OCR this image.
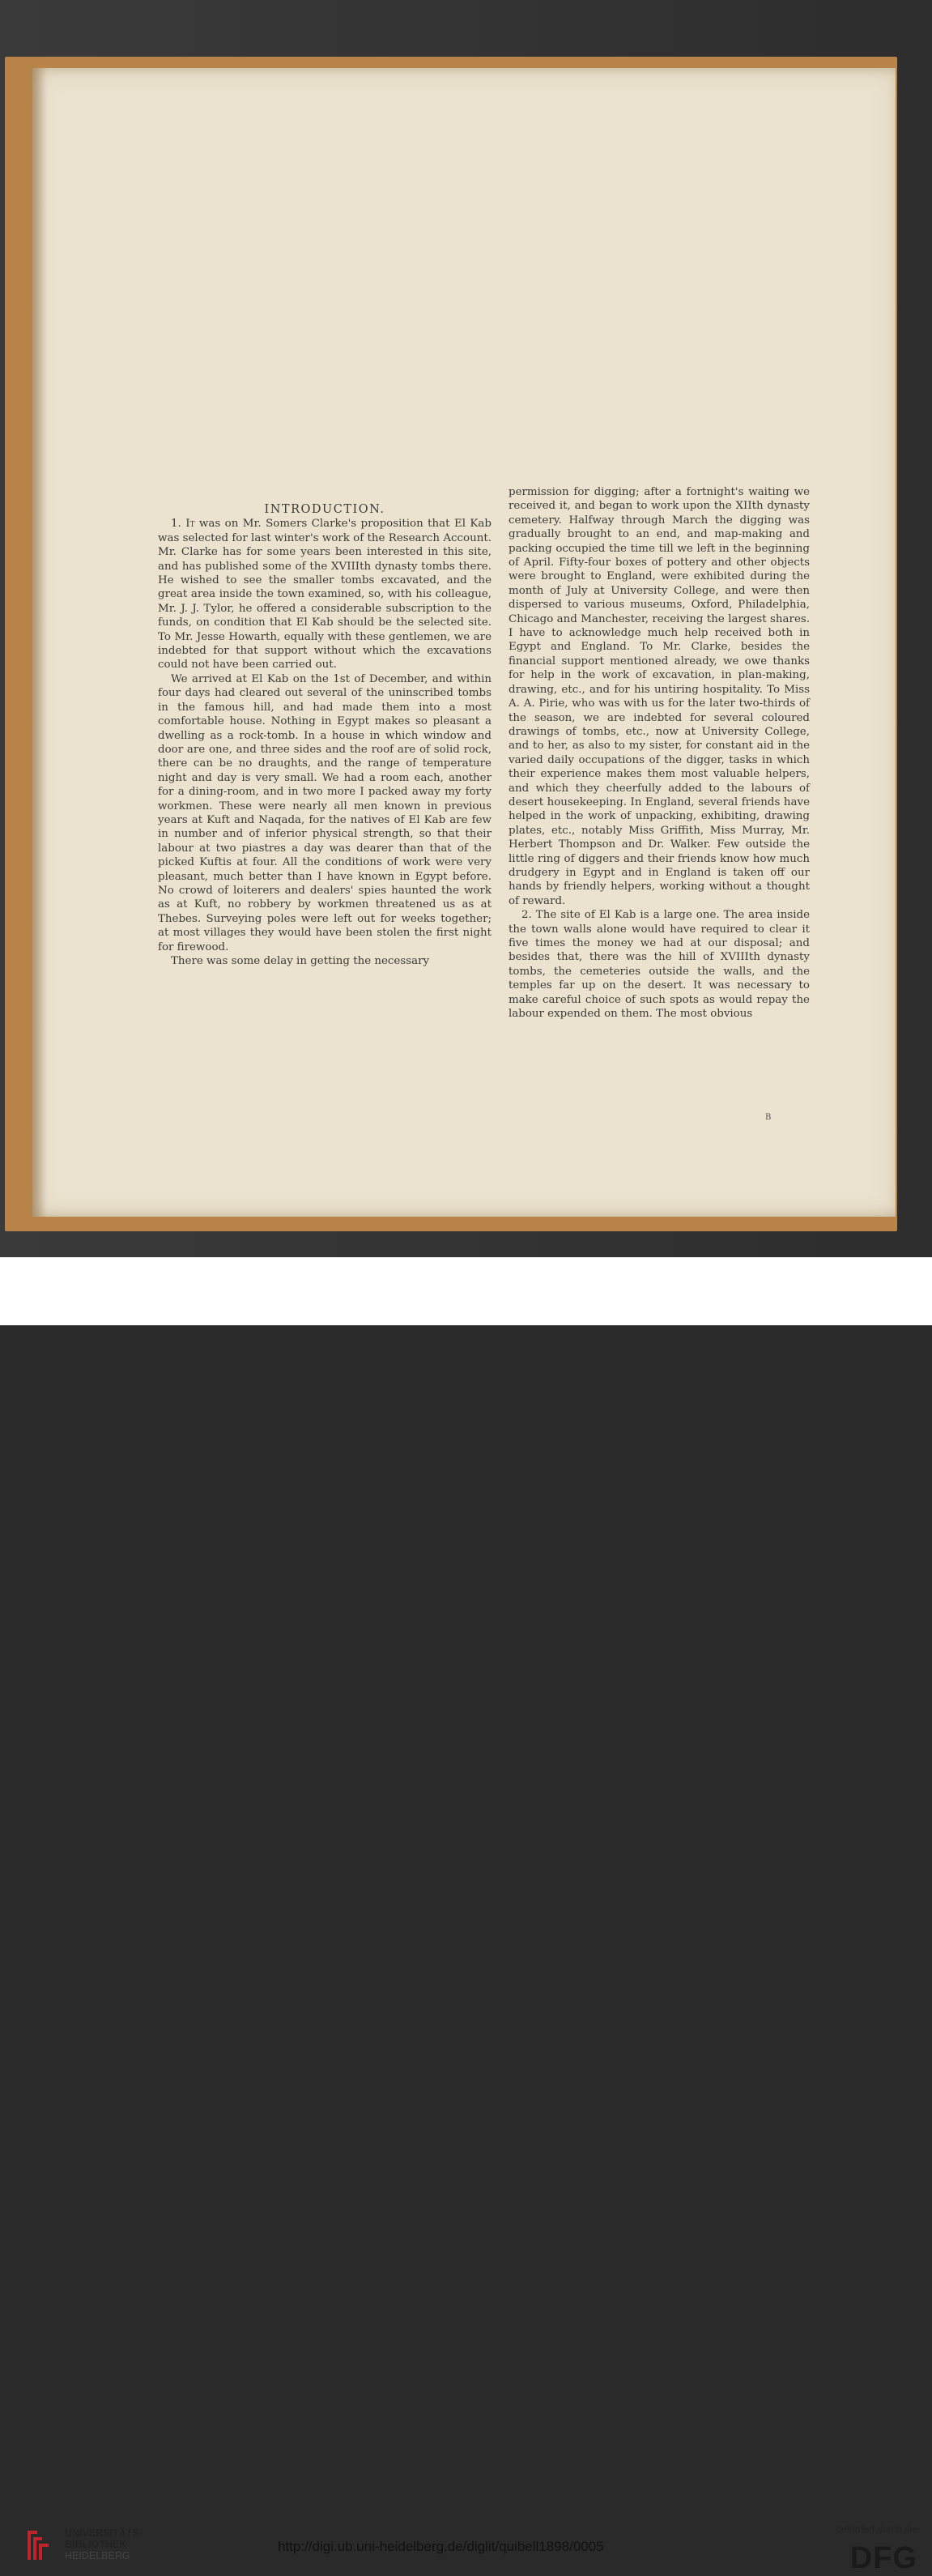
INTRODUCTION.

1. It was on Mr. Somers Clarke's proposition that El Kab was selected for last winter's work of the Research Account. Mr. Clarke has for some years been interested in this site, and has published some of the XVIIIth dynasty tombs there. He wished to see the smaller tombs excavated, and the great area inside the town examined, so, with his colleague, Mr. J. J. Tylor, he offered a considerable subscription to the funds, on condition that El Kab should be the selected site. To Mr. Jesse Howarth, equally with these gentlemen, we are indebted for that support without which the excavations could not have been carried out.

We arrived at El Kab on the 1st of December, and within four days had cleared out several of the uninscribed tombs in the famous hill, and had made them into a most comfortable house. Nothing in Egypt makes so pleasant a dwelling as a rock-tomb. In a house in which window and door are one, and three sides and the roof are of solid rock, there can be no draughts, and the range of temperature night and day is very small. We had a room each, another for a dining-room, and in two more I packed away my forty workmen. These were nearly all men known in previous years at Kuft and Naqada, for the natives of El Kab are few in number and of inferior physical strength, so that their labour at two piastres a day was dearer than that of the picked Kuftis at four. All the conditions of work were very pleasant, much better than I have known in Egypt before. No crowd of loiterers and dealers' spies haunted the work as at Kuft, no robbery by workmen threatened us as at Thebes. Surveying poles were left out for weeks together; at most villages they would have been stolen the first night for firewood.

There was some delay in getting the necessary

permission for digging; after a fortnight's waiting we received it, and began to work upon the XIIth dynasty cemetery. Halfway through March the digging was gradually brought to an end, and map-making and packing occupied the time till we left in the beginning of April. Fifty-four boxes of pottery and other objects were brought to England, were exhibited during the month of July at University College, and were then dispersed to various museums, Oxford, Philadelphia, Chicago and Manchester, receiving the largest shares. I have to acknowledge much help received both in Egypt and England. To Mr. Clarke, besides the financial support mentioned already, we owe thanks for help in the work of excavation, in plan-making, drawing, etc., and for his untiring hospitality. To Miss A. A. Pirie, who was with us for the later two-thirds of the season, we are indebted for several coloured drawings of tombs, etc., now at University College, and to her, as also to my sister, for constant aid in the varied daily occupations of the digger, tasks in which their experience makes them most valuable helpers, and which they cheerfully added to the labours of desert housekeeping. In England, several friends have helped in the work of unpacking, exhibiting, drawing plates, etc., notably Miss Griffith, Miss Murray, Mr. Herbert Thompson and Dr. Walker. Few outside the little ring of diggers and their friends know how much drudgery in Egypt and in England is taken off our hands by friendly helpers, working without a thought of reward.

2. The site of El Kab is a large one. The area inside the town walls alone would have required to clear it five times the money we had at our disposal; and besides that, there was the hill of XVIIIth dynasty tombs, the cemeteries outside the walls, and the temples far up on the desert. It was necessary to make careful choice of such spots as would repay the labour expended on them. The most obvious

B
UNIVERSITÄTS-
BIBLIOTHEK
HEIDELBERG
http://digi.ub.uni-heidelberg.de/diglit/quibell1898/0005
gefördert durch die
DFG
